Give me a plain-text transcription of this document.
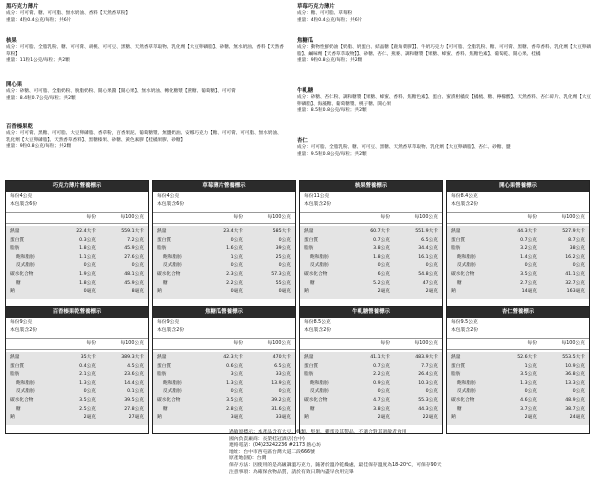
黑巧克力薄片
成分：可可膏、糖、可可脂、無水奶油、香料【天然香草粉】
重量：4粒0.4公克/每粒；共6片
核果
成分：可可脂、全脂乳粉、糖、可可膏、胡桃、可可豆、黑糖、天然香草萃取物、乳化劑【大豆卵磷脂】、砂糖、無水奶油、香料【天然香草粉】
重量：11粒1公克/每粒；共2顆
開心果
成分：砂糖、可可脂、全脂奶粉、脫脂奶粉、開心果醬【開心果】、無水奶油、轉化糖漿【蔗糖、葡萄糖】、可可膏
重量：8.4粒0.7公克/每粒；共2顆
百香榛果乾
成分：可可膏、黑糖、可可脂、大豆卵磷脂、香草粉，百香果泥、葡萄糖漿、無鹽奶油、安娜巧克力【糖、可可膏、可可脂、無水奶油、乳化劑【大豆卵磷脂】、天然香草香料】、黑糖榛果、砂糖、黃色素膠【桂橘果膠、砂糖】
重量：9粒0.8公克/每粒；共2顆
草莓巧克力薄片
成分：糖、可可脂、草莓粉
重量：4粒0.4公克/每粒；共6片
焦糖瓜
成分：動物性鮮奶油【奶脂、奶蛋白、結晶糖【鹿角菜膠】】、牛奶巧克力【可可脂、全脂乳粉、糖、可可膏、黑糖、香草香料、乳化劑【大豆卵磷脂】、鹹味劑【天香草萃取物】】、砂糖、杏仁、燕麥、調和糖漿【果糖、蜂蜜、香料、焦糖色素】、葡萄乾、開心果、桂橘
重量：9粒0.8公克/每粒；共2顆
牛軋糖
成分：砂糖、杏仁粉、調和糖漿【果糖、蜂蜜、香料、焦糖色素】、蛋白、蜜漬柑橘皮【橘梳、糖、檸檬酸】、天然香料、杏仁碎片、乳化劑【大豆卵磷脂】、海藻糖、葡萄糖漿、桃子糖、開心果
重量：8.5粒0.8公克/每粒；共2顆
杏仁
成分：可可脂、全脂乳粉、糖、可可豆、黑糖、天然香草萃取物、乳化劑【大豆卵磷脂】、杏仁、砂糖、鹽
重量：9.5粒0.8公克/每粒；共2顆
巧克力薄片營養標示
每份4公克
本包裝含6份
每份	每100公克
熱量	22.4大卡	559.1大卡
蛋白質	0.3公克	7.2公克
脂肪	1.8公克	45.9公克
飽和脂肪	1.1公克	27.6公克
反式脂肪	0公克	0公克
碳水化合物	1.9公克	48.1公克
糖	1.8公克	45.9公克
鈉	0毫克	8毫克
草莓薄片營養標示
每份4公克
本包裝含6份
每份	每100公克
熱量	23.4大卡	585大卡
蛋白質	0公克	0公克
脂肪	1.6公克	39公克
飽和脂肪	1公克	25公克
反式脂肪	0公克	0公克
碳水化合物	2.3公克	57.3公克
糖	2.2公克	55公克
鈉	0毫克	0毫克
核果營養標示
每份11公克
本包裝含2份
每份	每100公克
熱量	60.7大卡	551.9大卡
蛋白質	0.7公克	6.5公克
脂肪	3.8公克	34.4公克
飽和脂肪	1.8公克	16.1公克
反式脂肪	0公克	0公克
碳水化合物	6公克	54.8公克
糖	5.2公克	47公克
鈉	2毫克	2毫克
開心果營養標示
每份8.4公克
本包裝含2份
每份	每100公克
熱量	44.3大卡	527.9大卡
蛋白質	0.7公克	8.7公克
脂肪	3.2公克	38公克
飽和脂肪	1.4公克	16.2公克
反式脂肪	0公克	0公克
碳水化合物	3.5公克	41.1公克
糖	2.7公克	32.7公克
鈉	14毫克	163毫克
百香榛果乾營養標示
每份9公克
本包裝含2份
每份	每100公克
熱量	35大卡	389.3大卡
蛋白質	0.4公克	4.5公克
脂肪	2.1公克	23.6公克
飽和脂肪	1.3公克	14.4公克
反式脂肪	0公克	0.1公克
碳水化合物	3.5公克	39.5公克
糖	2.5公克	27.8公克
鈉	2毫克	27毫克
焦糖瓜營養標示
每份9公克
本包裝含2份
每份	每100公克
熱量	42.3大卡	470大卡
蛋白質	0.6公克	6.5公克
脂肪	3公克	33公克
飽和脂肪	1.3公克	13.9公克
反式脂肪	0公克	0公克
碳水化合物	3.5公克	39.2公克
糖	2.8公克	31.6公克
鈉	3毫克	33毫克
牛軋糖營養標示
每份8.5公克
本包裝含2份
每份	每100公克
熱量	41.1大卡	483.9大卡
蛋白質	0.7公克	7.7公克
脂肪	2.2公克	26.4公克
飽和脂肪	0.9公克	10.3公克
反式脂肪	0公克	0公克
碳水化合物	4.7公克	55.3公克
糖	3.8公克	44.3公克
鈉	2毫克	22毫克
杏仁營養標示
每份9.5公克
本包裝含2份
每份	每100公克
熱量	52.6大卡	553.5大卡
蛋白質	1公克	10.9公克
脂肪	3.5公克	36.8公克
飽和脂肪	1.3公克	13.3公克
反式脂肪	0公克	0公克
碳水化合物	4.6公克	48.9公克
糖	3.7公克	38.7公克
鈉	2毫克	24毫克
過敏原標示：本產品含有大豆、奶類、堅果、雞蛋及其製品，不適合對其過敏者食用
國內負責廠商：長榮桂冠酒店(台中)
連絡電話：(04)23242236 #2173 熱心坊
地址：台中市西屯區台灣大道二段666號
原產地(國)：台灣
保存方法：因使用的是高級調溫巧克力，隨著於溫冷乾燥處，最佳保存溫度為18-20℃，可保存90天
注意事項：為確保食物品質，請於有效日期內盡早食用完畢
